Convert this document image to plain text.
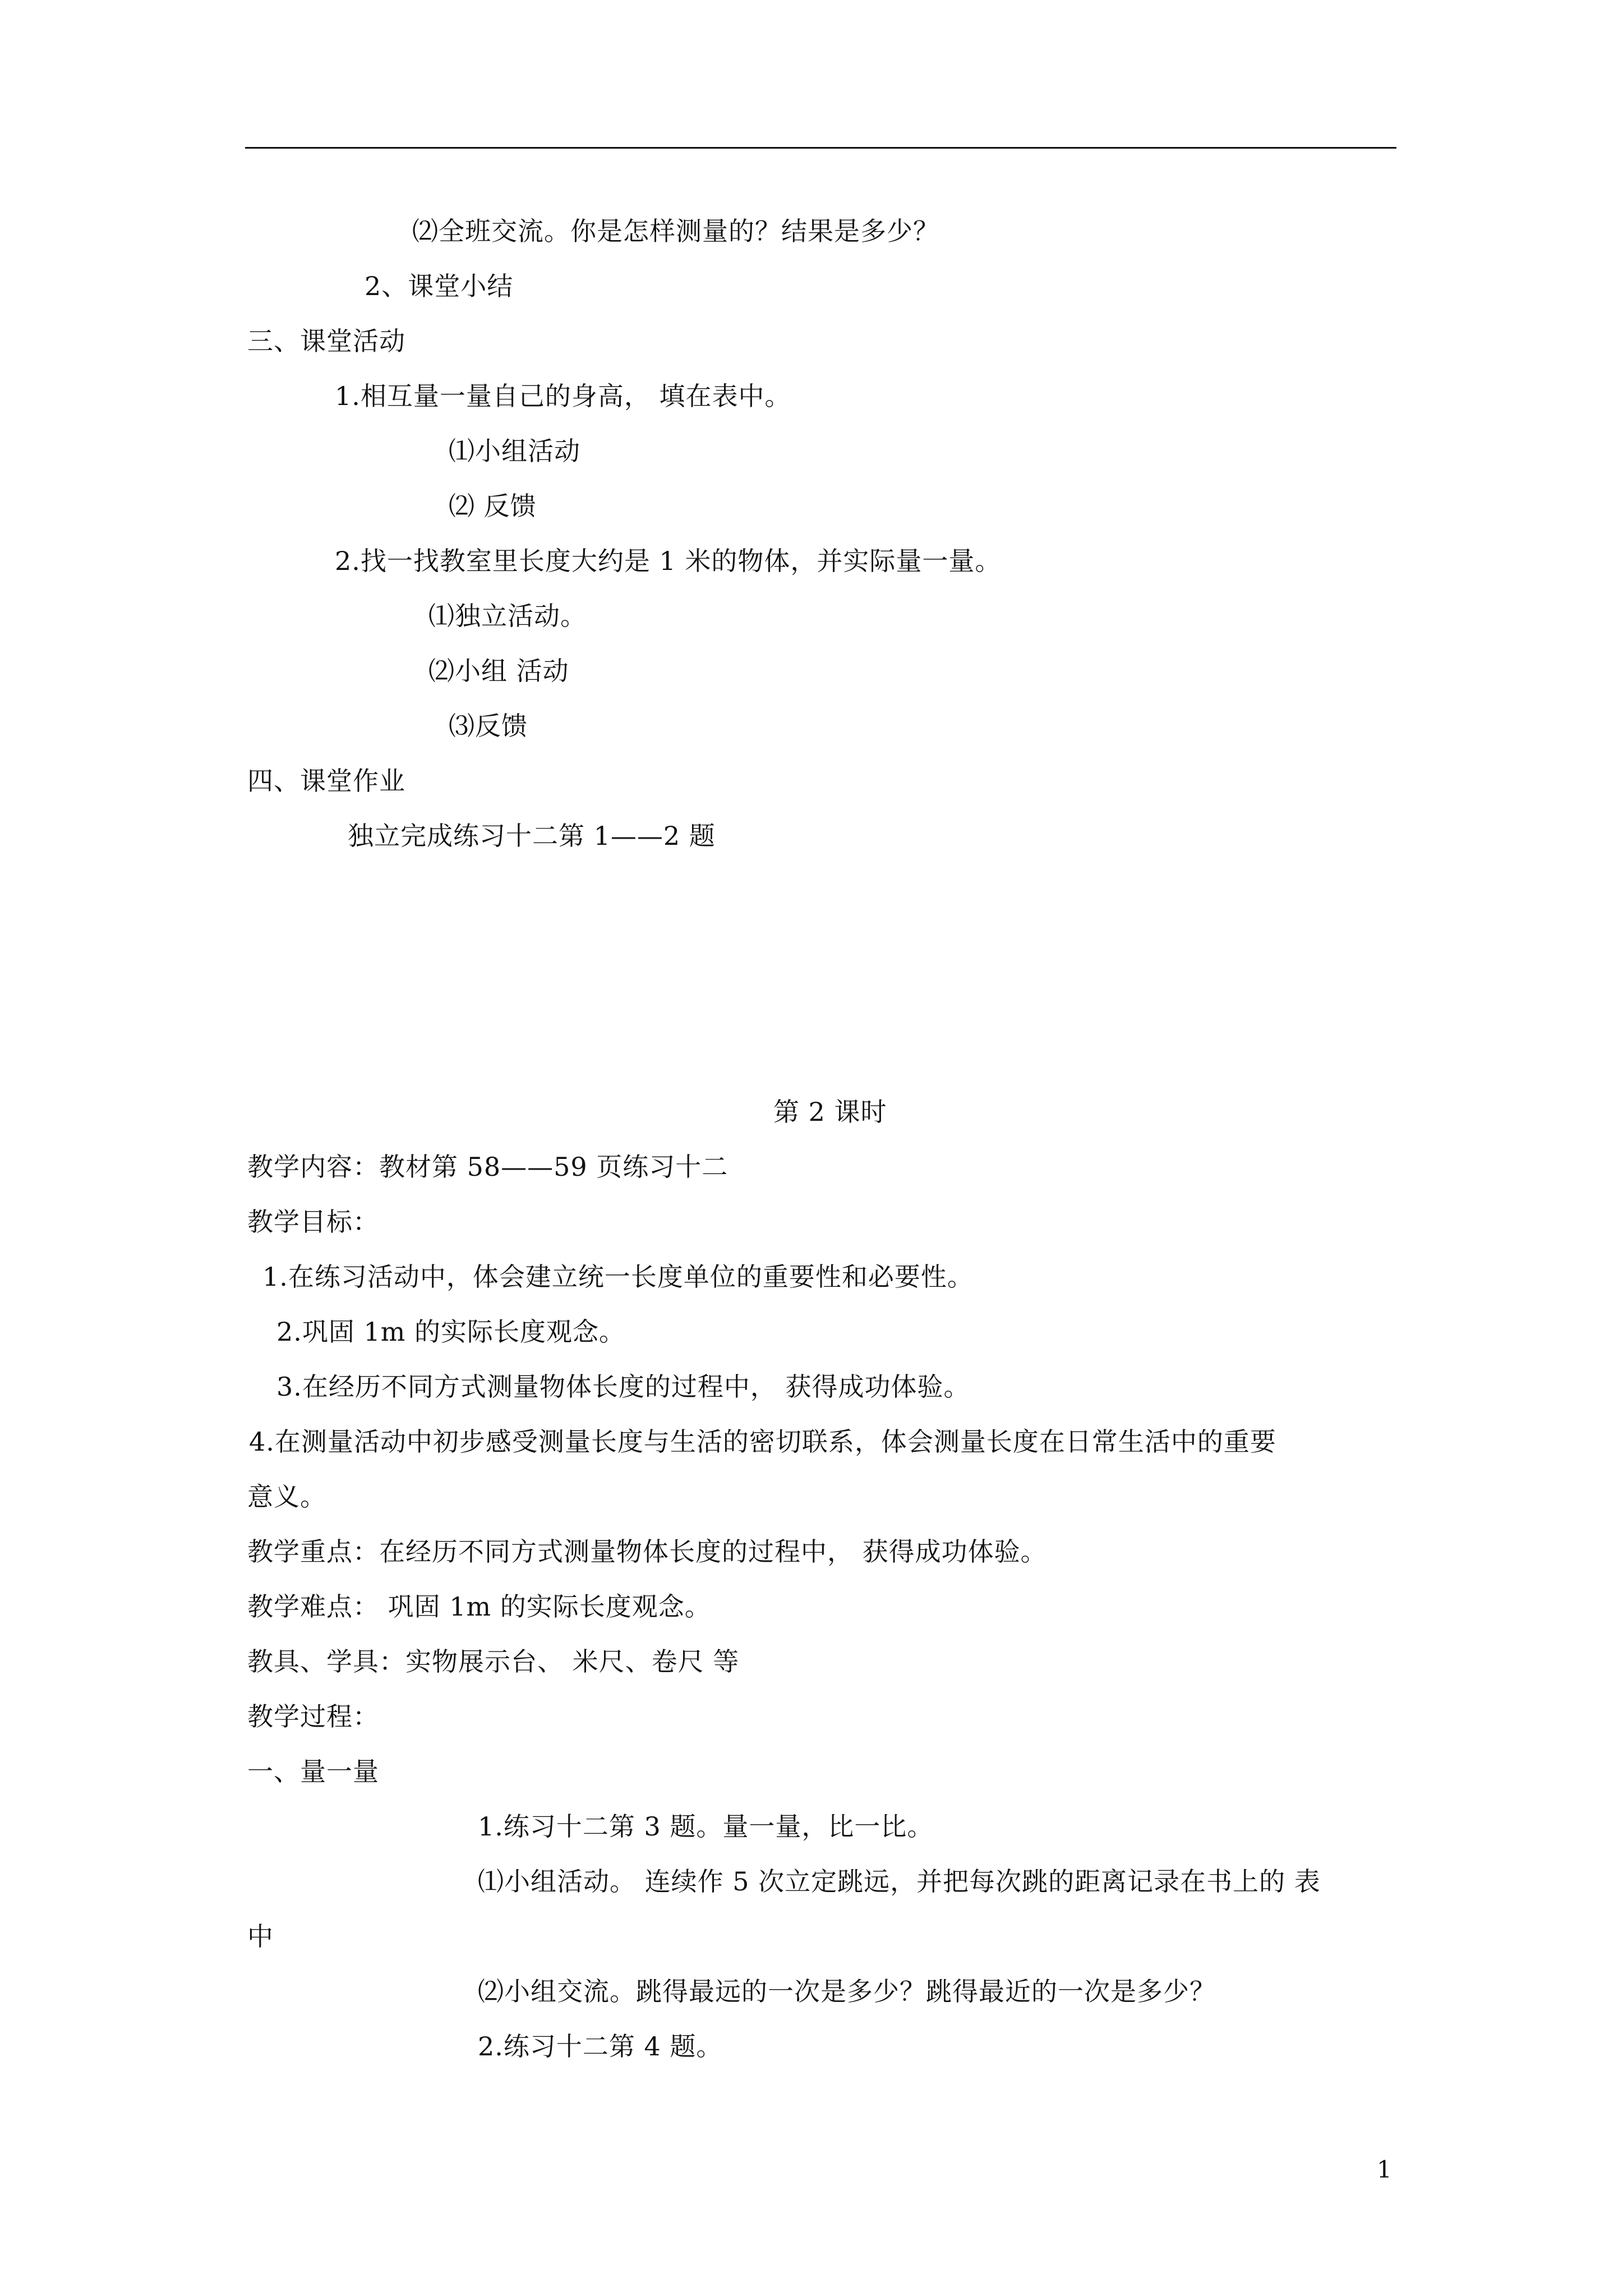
⑵全班交流。你是怎样测量的？结果是多少？
2、课堂小结
三、课堂活动
1.相互量一量自己的身高， 填在表中。
⑴小组活动
⑵ 反馈
2.找一找教室里长度大约是 1 米的物体，并实际量一量。
⑴独立活动。
⑵小组 活动
⑶反馈
四、课堂作业
独立完成练习十二第 1——2 题
第 2 课时
教学内容：教材第 58——59 页练习十二
教学目标：
1.在练习活动中，体会建立统一长度单位的重要性和必要性。
2.巩固 1m 的实际长度观念。
3.在经历不同方式测量物体长度的过程中， 获得成功体验。
4.在测量活动中初步感受测量长度与生活的密切联系，体会测量长度在日常生活中的重要
意义。
教学重点：在经历不同方式测量物体长度的过程中， 获得成功体验。
教学难点： 巩固 1m 的实际长度观念。
教具、学具：实物展示台、 米尺、卷尺 等
教学过程：
一、量一量
1.练习十二第 3 题。量一量，比一比。
⑴小组活动。 连续作 5 次立定跳远，并把每次跳的距离记录在书上的 表
中
⑵小组交流。跳得最远的一次是多少？跳得最近的一次是多少？
2.练习十二第 4 题。
1
